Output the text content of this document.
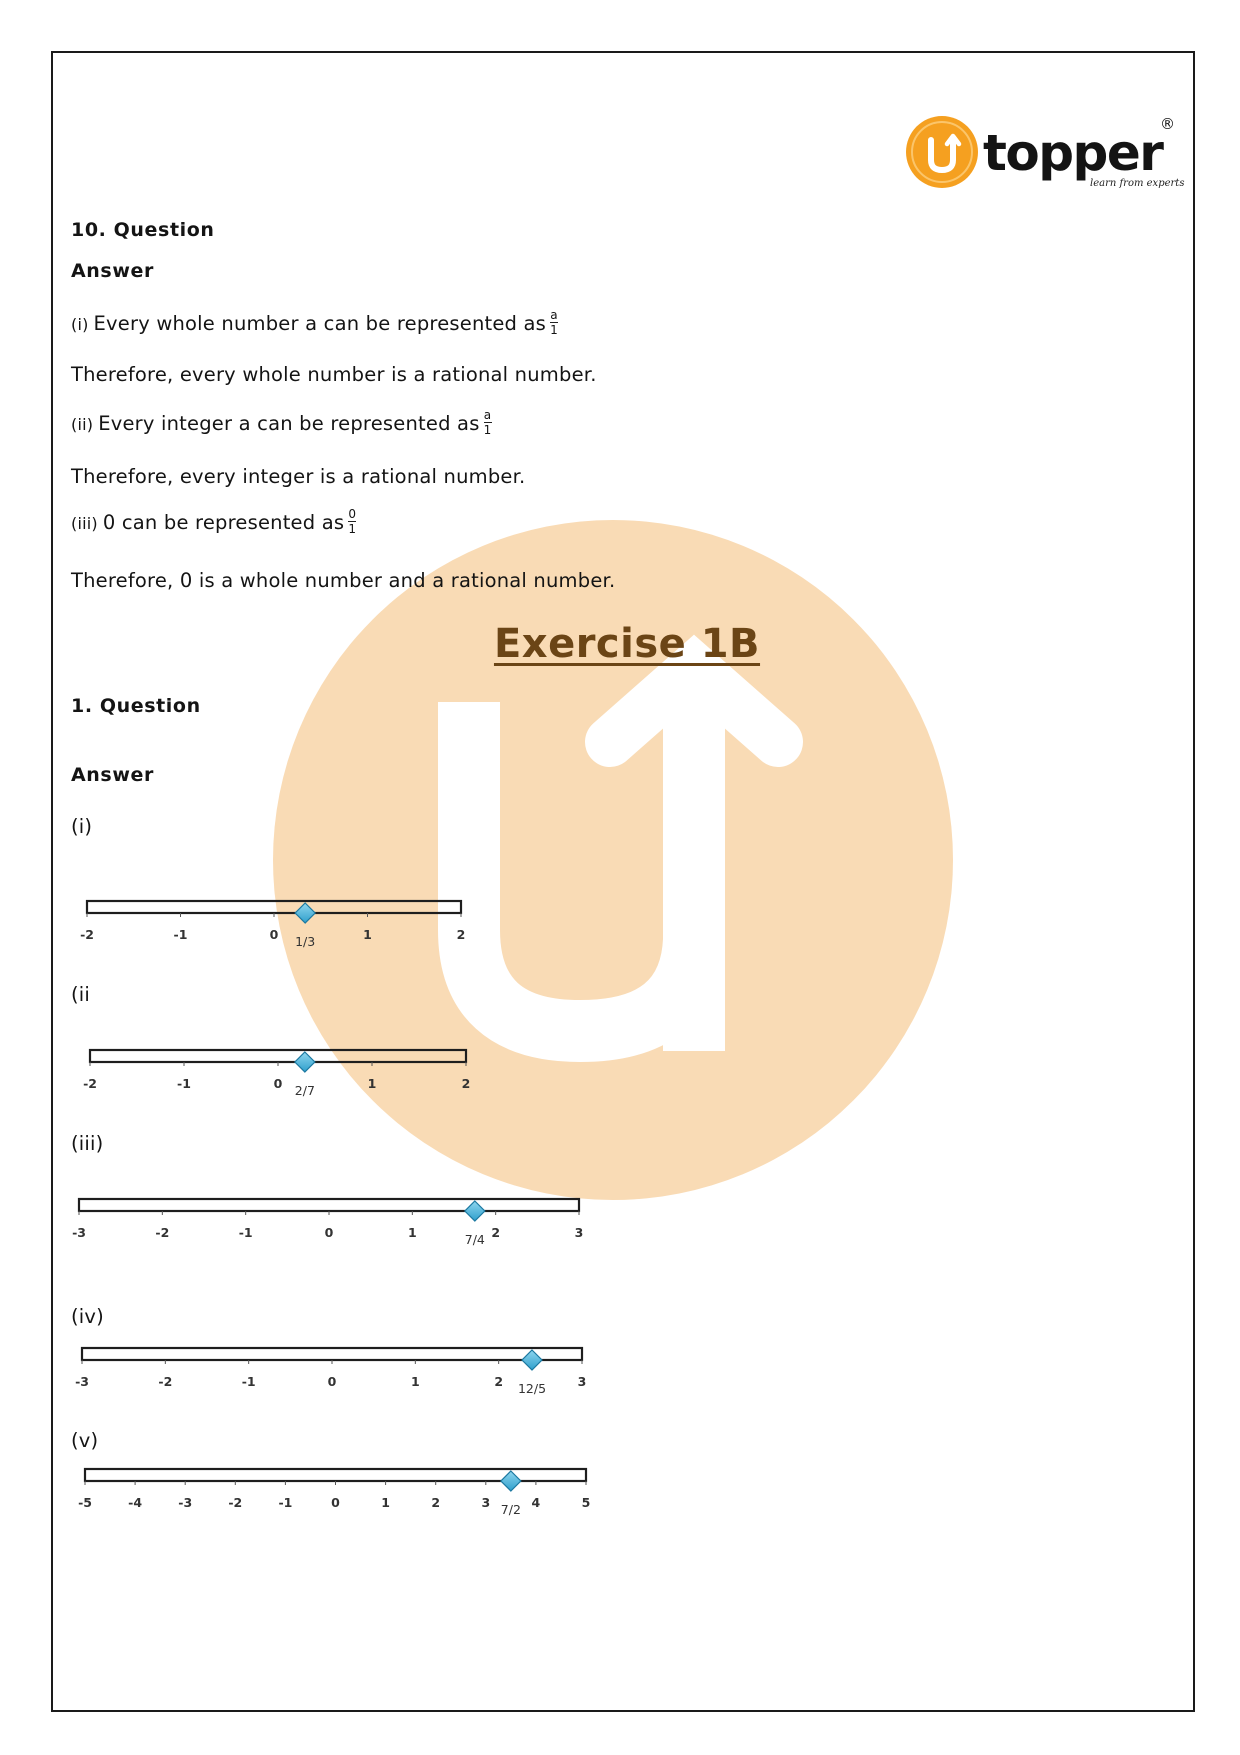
topper
®
learn from experts
10. Question
Answer
(i) Every whole number a can be represented as $\frac{a}{1}$
Therefore, every whole number is a rational number.
(ii) Every integer a can be represented as $\frac{a}{1}$
Therefore, every integer is a rational number.
(iii) 0 can be represented as $\frac{0}{1}$
Therefore, 0 is a whole number and a rational number.
Exercise 1B
1. Question
Answer
(i)
-2	-1	0	1	2
1/3
(ii
-2	-1	0	1	2
2/7
(iii)
-3	-2	-1	0	1	2	3
7/4
(iv)
-3	-2	-1	0	1	2	3
12/5
(v)
-5	-4	-3	-2	-1	0	1	2	3	4	5
7/2
